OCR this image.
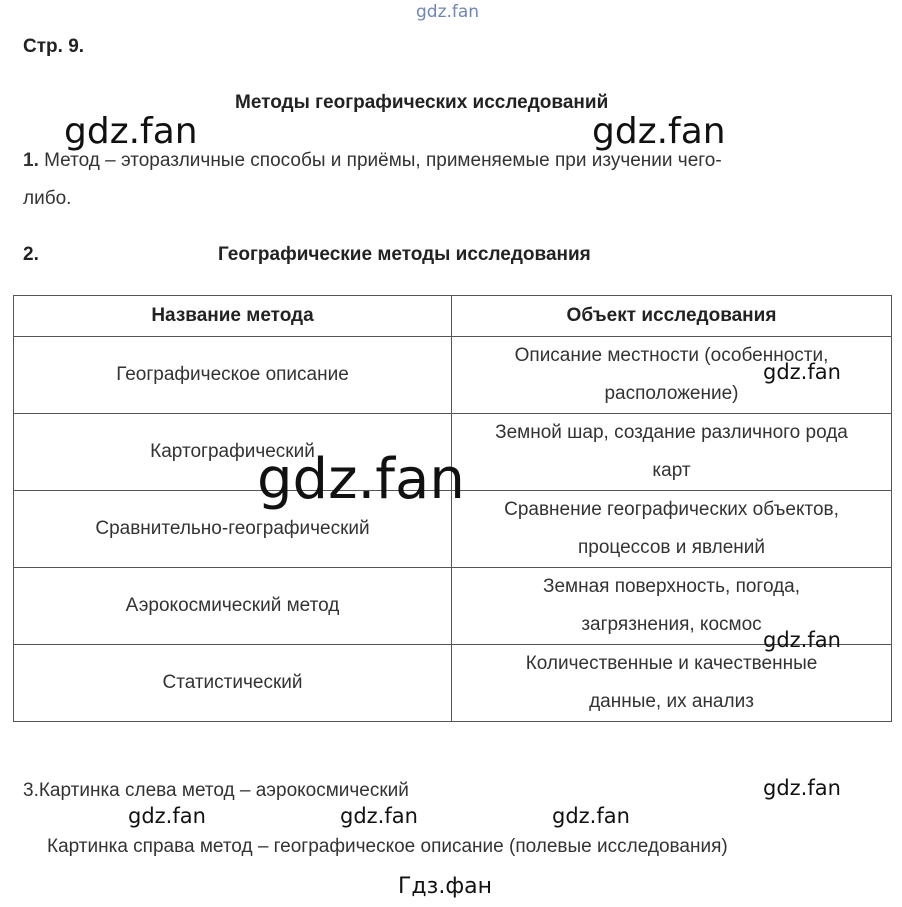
gdz.fan
Стр. 9.
Методы географических исследований
gdz.fan	gdz.fan
1. Метод – эторазличные способы и приёмы, применяемые при изучении чего-
либо.
2.	Географические методы исследования
Название метода	Объект исследования
Географическое описание	Описание местности (особенности,
расположение)
Картографический	Земной шар, создание различного рода
карт
Сравнительно-географический	Сравнение географических объектов,
процессов и явлений
Аэрокосмический метод	Земная поверхность, погода,
загрязнения, космос
Статистический	Количественные и качественные
данные, их анализ
gdz.fan
gdz.fan
gdz.fan
3.Картинка слева метод – аэрокосмический	gdz.fan
gdz.fan	gdz.fan	gdz.fan
Картинка справа метод – географическое описание (полевые исследования)
Гдз.фан
